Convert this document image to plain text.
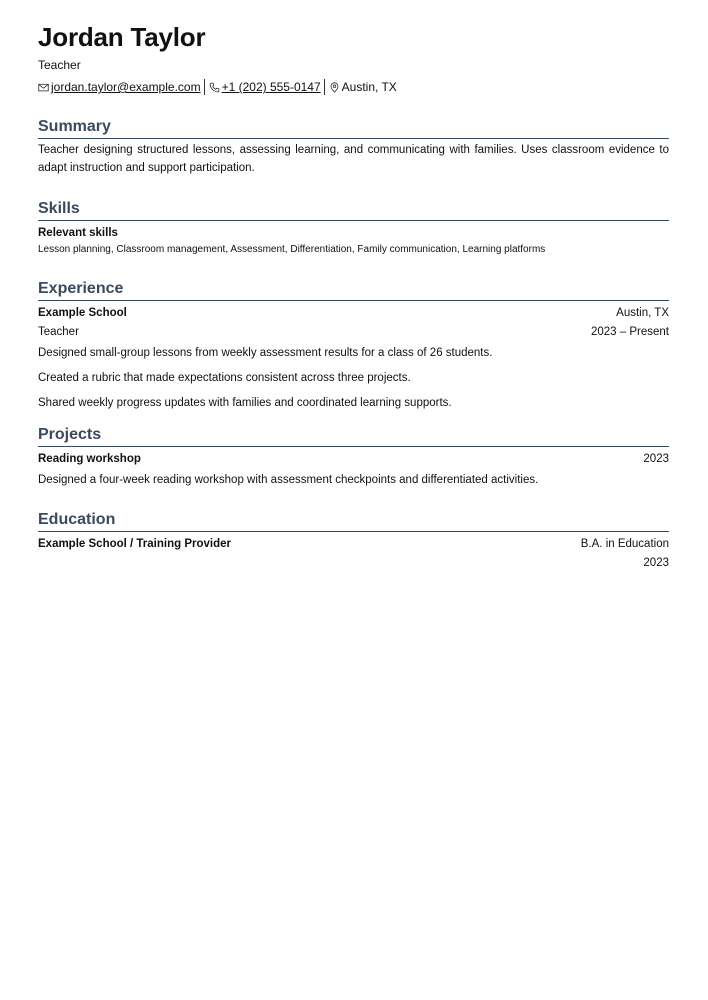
Jordan Taylor
Teacher
jordan.taylor@example.com +1 (202) 555-0147 Austin, TX
Summary
Teacher designing structured lessons, assessing learning, and communicating with families. Uses classroom evidence to adapt instruction and support participation.
Skills
Relevant skills
Lesson planning, Classroom management, Assessment, Differentiation, Family communication, Learning platforms
Experience
Example School	Austin, TX
Teacher	2023 – Present
Designed small-group lessons from weekly assessment results for a class of 26 students.
Created a rubric that made expectations consistent across three projects.
Shared weekly progress updates with families and coordinated learning supports.
Projects
Reading workshop	2023
Designed a four-week reading workshop with assessment checkpoints and differentiated activities.
Education
Example School / Training Provider	B.A. in Education
2023
